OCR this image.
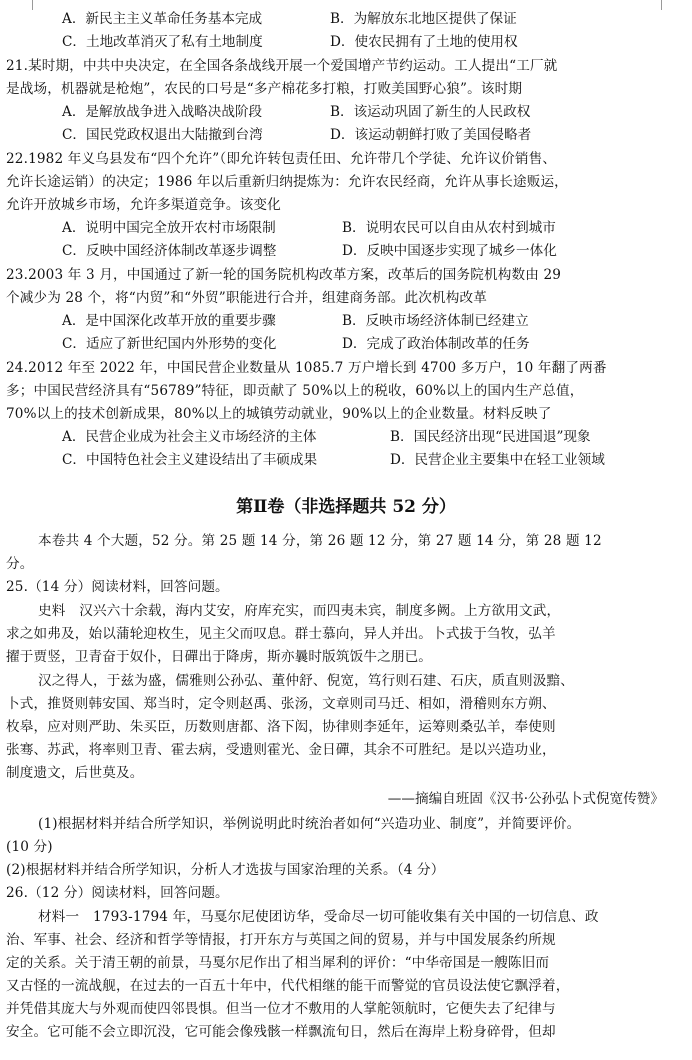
A．新民主主义革命任务基本完成	B．为解放东北地区提供了保证
C．土地改革消灭了私有土地制度	D．使农民拥有了土地的使用权
21.某时期，中共中央决定，在全国各条战线开展一个爱国增产节约运动。工人提出“工厂就
是战场，机器就是枪炮”，农民的口号是“多产棉花多打粮，打败美国野心狼”。该时期
A．是解放战争进入战略决战阶段	B．该运动巩固了新生的人民政权
C．国民党政权退出大陆撤到台湾	D．该运动朝鲜打败了美国侵略者
22.1982 年义乌县发布“四个允许”（即允许转包责任田、允许带几个学徒、允许议价销售、
允许长途运销）的决定；1986 年以后重新归纳提炼为：允许农民经商，允许从事长途贩运，
允许开放城乡市场，允许多渠道竞争。该变化
A．说明中国完全放开农村市场限制	B．说明农民可以自由从农村到城市
C．反映中国经济体制改革逐步调整	D．反映中国逐步实现了城乡一体化
23.2003 年 3 月，中国通过了新一轮的国务院机构改革方案，改革后的国务院机构数由 29
个减少为 28 个，将“内贸”和“外贸”职能进行合并，组建商务部。此次机构改革
A．是中国深化改革开放的重要步骤	B．反映市场经济体制已经建立
C．适应了新世纪国内外形势的变化	D．完成了政治体制改革的任务
24.2012 年至 2022 年，中国民营企业数量从 1085.7 万户增长到 4700 多万户，10 年翻了两番
多；中国民营经济具有“56789”特征，即贡献了 50%以上的税收，60%以上的国内生产总值，
70%以上的技术创新成果，80%以上的城镇劳动就业，90%以上的企业数量。材料反映了
A．民营企业成为社会主义市场经济的主体	B．国民经济出现“民进国退”现象
C．中国特色社会主义建设结出了丰硕成果	D．民营企业主要集中在轻工业领域
第Ⅱ卷（非选择题共 52 分）
本卷共 4 个大题，52 分。第 25 题 14 分，第 26 题 12 分，第 27 题 14 分，第 28 题 12
分。
25.（14 分）阅读材料，回答问题。
史料　汉兴六十余载，海内艾安，府库充实，而四夷未宾，制度多阙。上方欲用文武，
求之如弗及，始以蒲轮迎枚生，见主父而叹息。群士慕向，异人并出。卜式拔于刍牧，弘羊
擢于贾竖，卫青奋于奴仆，日磾出于降虏，斯亦曩时版筑饭牛之朋已。
汉之得人，于兹为盛，儒雅则公孙弘、董仲舒、倪宽，笃行则石建、石庆，质直则汲黯、
卜式，推贤则韩安国、郑当时，定令则赵禹、张汤，文章则司马迁、相如，滑稽则东方朔、
枚皋，应对则严助、朱买臣，历数则唐都、洛下闳，协律则李延年，运筹则桑弘羊，奉使则
张骞、苏武，将率则卫青、霍去病，受遗则霍光、金日磾，其余不可胜纪。是以兴造功业，
制度遗文，后世莫及。
——摘编自班固《汉书·公孙弘卜式倪宽传赞》
(1)根据材料并结合所学知识，举例说明此时统治者如何“兴造功业、制度”，并简要评价。
(10 分)
(2)根据材料并结合所学知识，分析人才选拔与国家治理的关系。（4 分）
26.（12 分）阅读材料，回答问题。
材料一　1793-1794 年，马戛尔尼使团访华，受命尽一切可能收集有关中国的一切信息、政
治、军事、社会、经济和哲学等情报，打开东方与英国之间的贸易，并与中国发展条约所规
定的关系。关于清王朝的前景，马戛尔尼作出了相当犀利的评价：“中华帝国是一艘陈旧而
又古怪的一流战舰，在过去的一百五十年中，代代相继的能干而警觉的官员设法使它飘浮着，
并凭借其庞大与外观而使四邻畏惧。但当一位才不敷用的人掌舵领航时，它便失去了纪律与
安全。它可能不会立即沉没，它可能会像残骸一样飘流旬日，然后在海岸上粉身碎骨，但却
